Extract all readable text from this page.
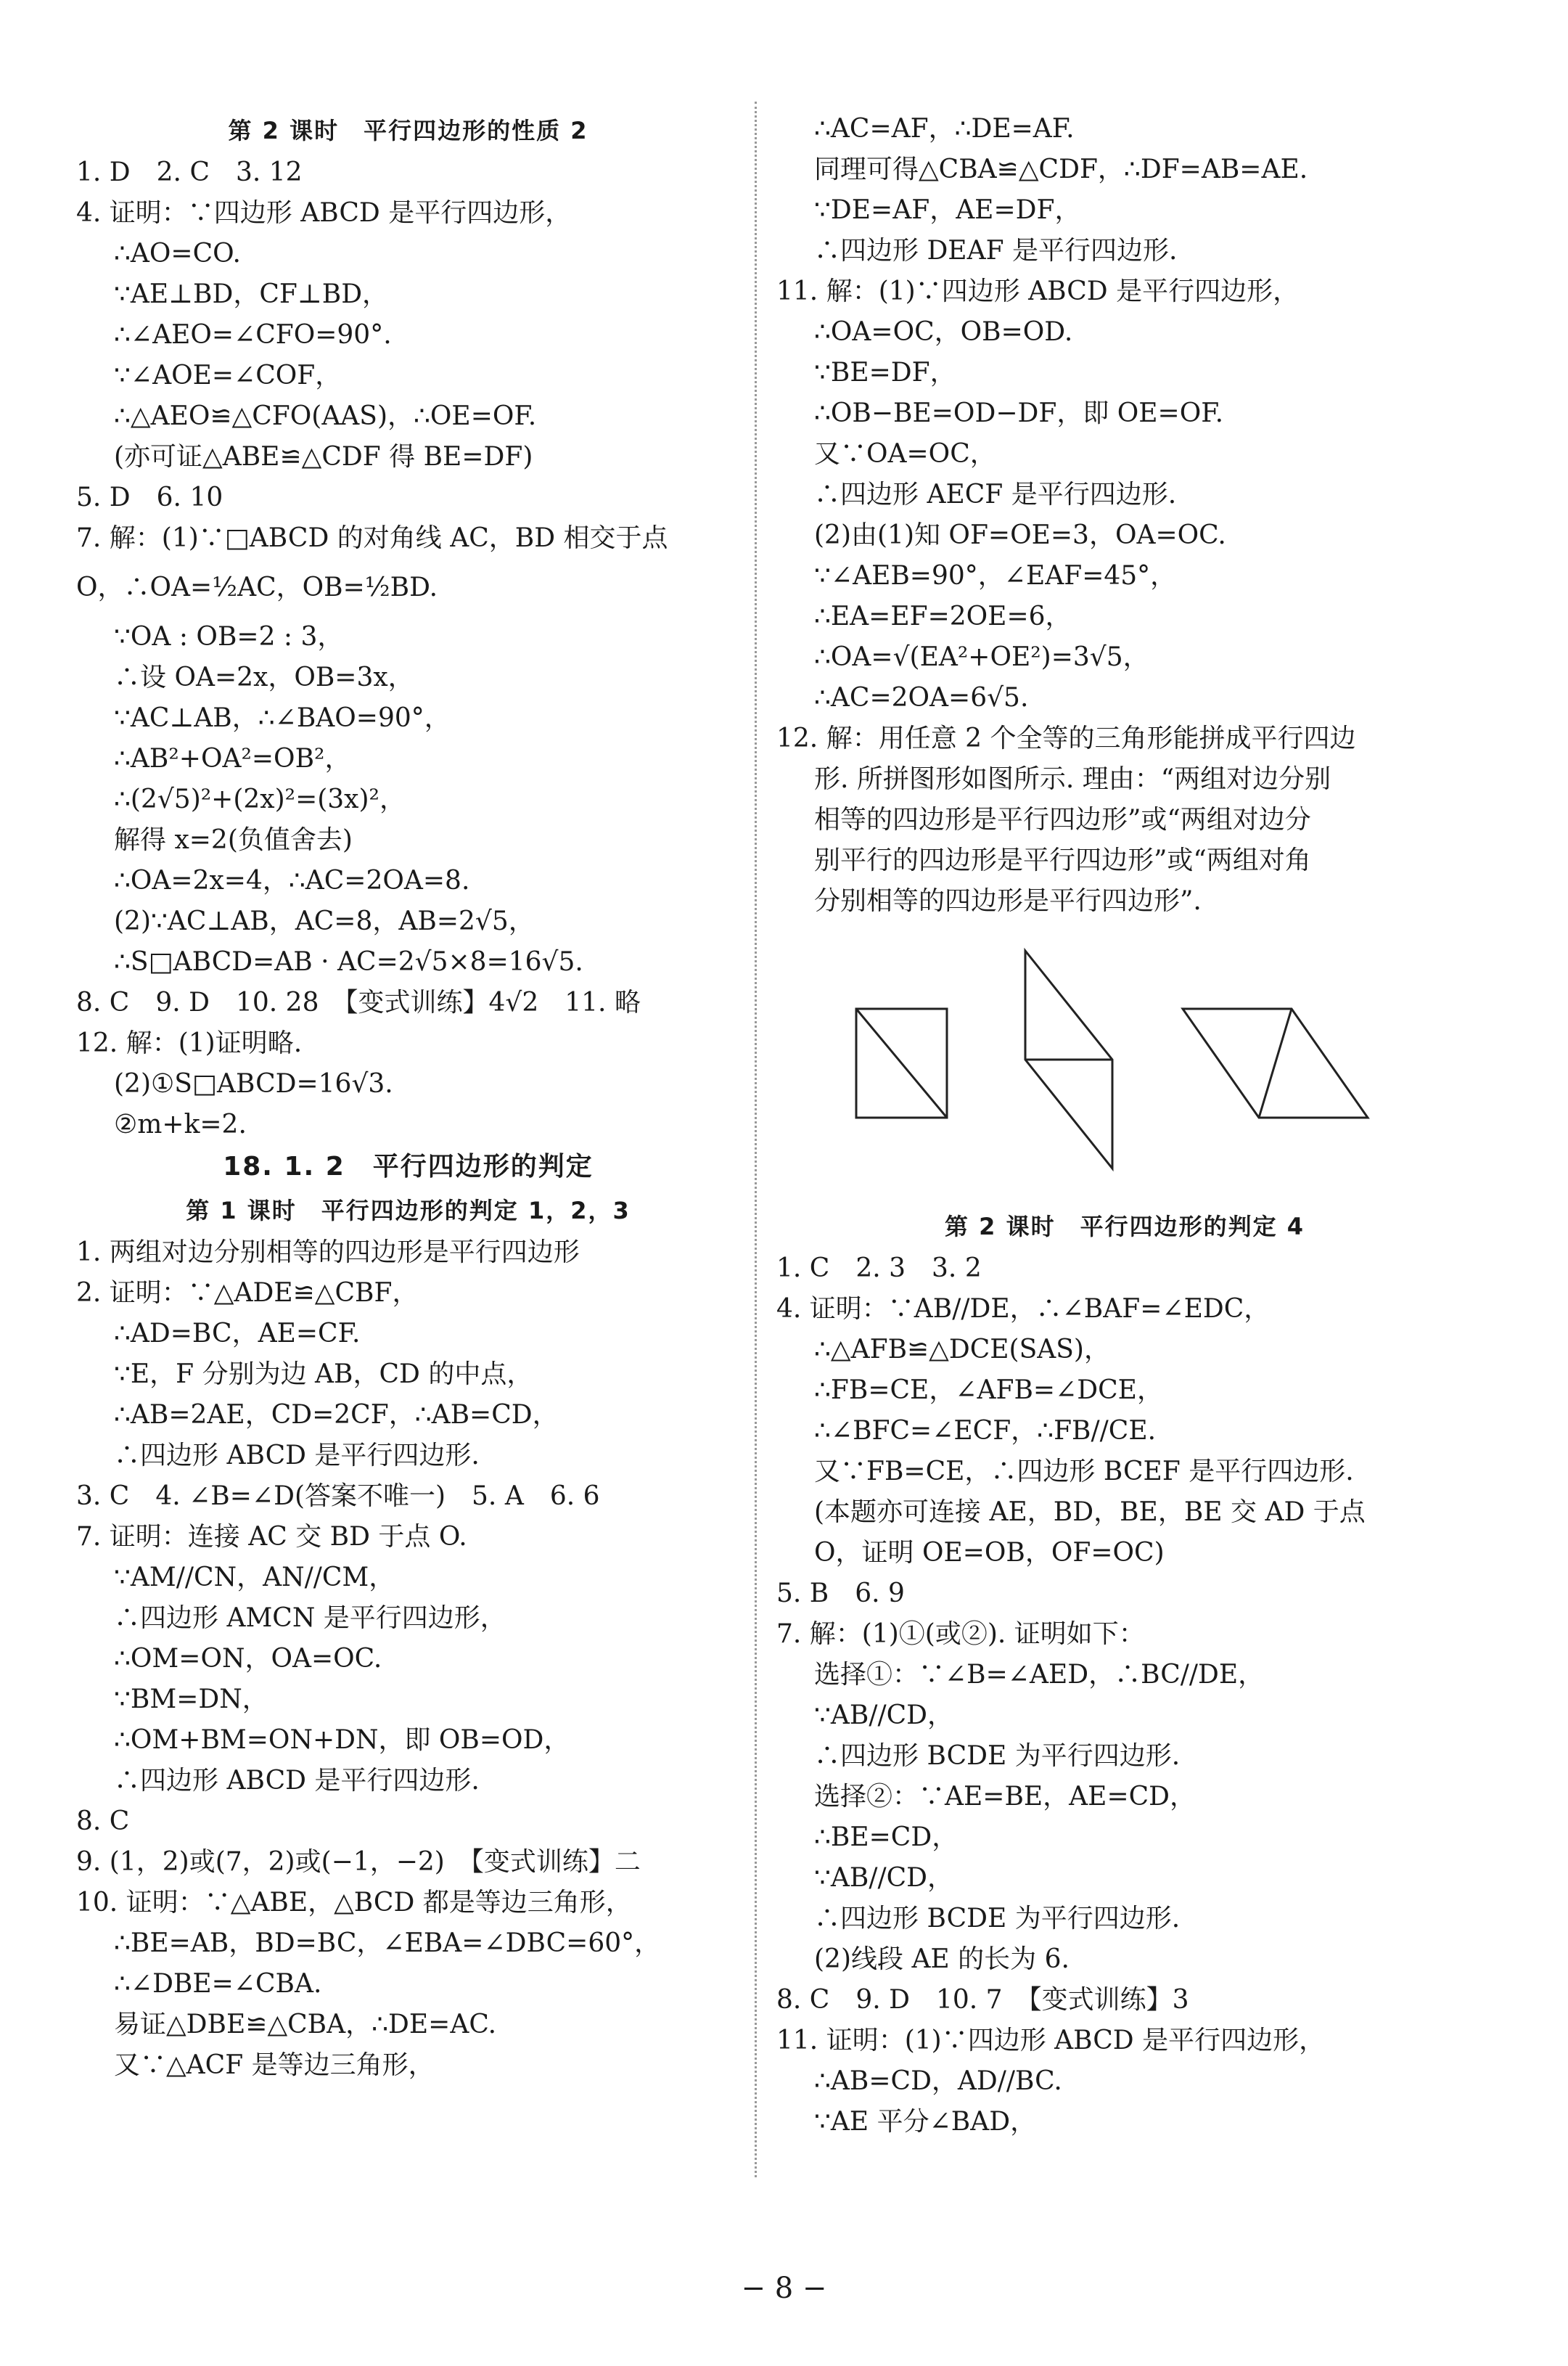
第 2 课时　平行四边形的性质 2
1. D　2. C　3. 12
4. 证明：∵四边形 ABCD 是平行四边形，
∴AO=CO.
∵AE⊥BD，CF⊥BD，
∴∠AEO=∠CFO=90°.
∵∠AOE=∠COF，
∴△AEO≌△CFO(AAS)，∴OE=OF.
(亦可证△ABE≌△CDF 得 BE=DF)
5. D　6. 10
7. 解：(1)∵□ABCD 的对角线 AC，BD 相交于点
O，∴OA=½AC，OB=½BD.
∵OA : OB=2 : 3，
∴设 OA=2x，OB=3x，
∵AC⊥AB，∴∠BAO=90°，
∴AB²+OA²=OB²，
∴(2√5)²+(2x)²=(3x)²，
解得 x=2(负值舍去)
∴OA=2x=4，∴AC=2OA=8.
(2)∵AC⊥AB，AC=8，AB=2√5，
∴S□ABCD=AB · AC=2√5×8=16√5.
8. C　9. D　10. 28　【变式训练】4√2　11. 略
12. 解：(1)证明略.
(2)①S□ABCD=16√3.
②m+k=2.
18. 1. 2　平行四边形的判定
第 1 课时　平行四边形的判定 1，2，3
1. 两组对边分别相等的四边形是平行四边形
2. 证明：∵△ADE≌△CBF，
∴AD=BC，AE=CF.
∵E，F 分别为边 AB，CD 的中点，
∴AB=2AE，CD=2CF，∴AB=CD，
∴四边形 ABCD 是平行四边形.
3. C　4. ∠B=∠D(答案不唯一)　5. A　6. 6
7. 证明：连接 AC 交 BD 于点 O.
∵AM//CN，AN//CM，
∴四边形 AMCN 是平行四边形，
∴OM=ON，OA=OC.
∵BM=DN，
∴OM+BM=ON+DN，即 OB=OD，
∴四边形 ABCD 是平行四边形.
8. C
9. (1，2)或(7，2)或(−1，−2)　【变式训练】二
10. 证明：∵△ABE，△BCD 都是等边三角形，
∴BE=AB，BD=BC，∠EBA=∠DBC=60°，
∴∠DBE=∠CBA.
易证△DBE≌△CBA，∴DE=AC.
又∵△ACF 是等边三角形，
∴AC=AF，∴DE=AF.
同理可得△CBA≌△CDF，∴DF=AB=AE.
∵DE=AF，AE=DF，
∴四边形 DEAF 是平行四边形.
11. 解：(1)∵四边形 ABCD 是平行四边形，
∴OA=OC，OB=OD.
∵BE=DF，
∴OB−BE=OD−DF，即 OE=OF.
又∵OA=OC，
∴四边形 AECF 是平行四边形.
(2)由(1)知 OF=OE=3，OA=OC.
∵∠AEB=90°，∠EAF=45°，
∴EA=EF=2OE=6，
∴OA=√(EA²+OE²)=3√5，
∴AC=2OA=6√5.
12. 解：用任意 2 个全等的三角形能拼成平行四边
形. 所拼图形如图所示. 理由：“两组对边分别
相等的四边形是平行四边形”或“两组对边分
别平行的四边形是平行四边形”或“两组对角
分别相等的四边形是平行四边形”.
第 2 课时　平行四边形的判定 4
1. C　2. 3　3. 2
4. 证明：∵AB//DE，∴∠BAF=∠EDC，
∴△AFB≌△DCE(SAS)，
∴FB=CE，∠AFB=∠DCE，
∴∠BFC=∠ECF，∴FB//CE.
又∵FB=CE，∴四边形 BCEF 是平行四边形.
(本题亦可连接 AE，BD，BE，BE 交 AD 于点
O，证明 OE=OB，OF=OC)
5. B　6. 9
7. 解：(1)①(或②). 证明如下：
选择①：∵∠B=∠AED，∴BC//DE，
∵AB//CD，
∴四边形 BCDE 为平行四边形.
选择②：∵AE=BE，AE=CD，
∴BE=CD，
∵AB//CD，
∴四边形 BCDE 为平行四边形.
(2)线段 AE 的长为 6.
8. C　9. D　10. 7　【变式训练】3
11. 证明：(1)∵四边形 ABCD 是平行四边形，
∴AB=CD，AD//BC.
∵AE 平分∠BAD，
− 8 −
